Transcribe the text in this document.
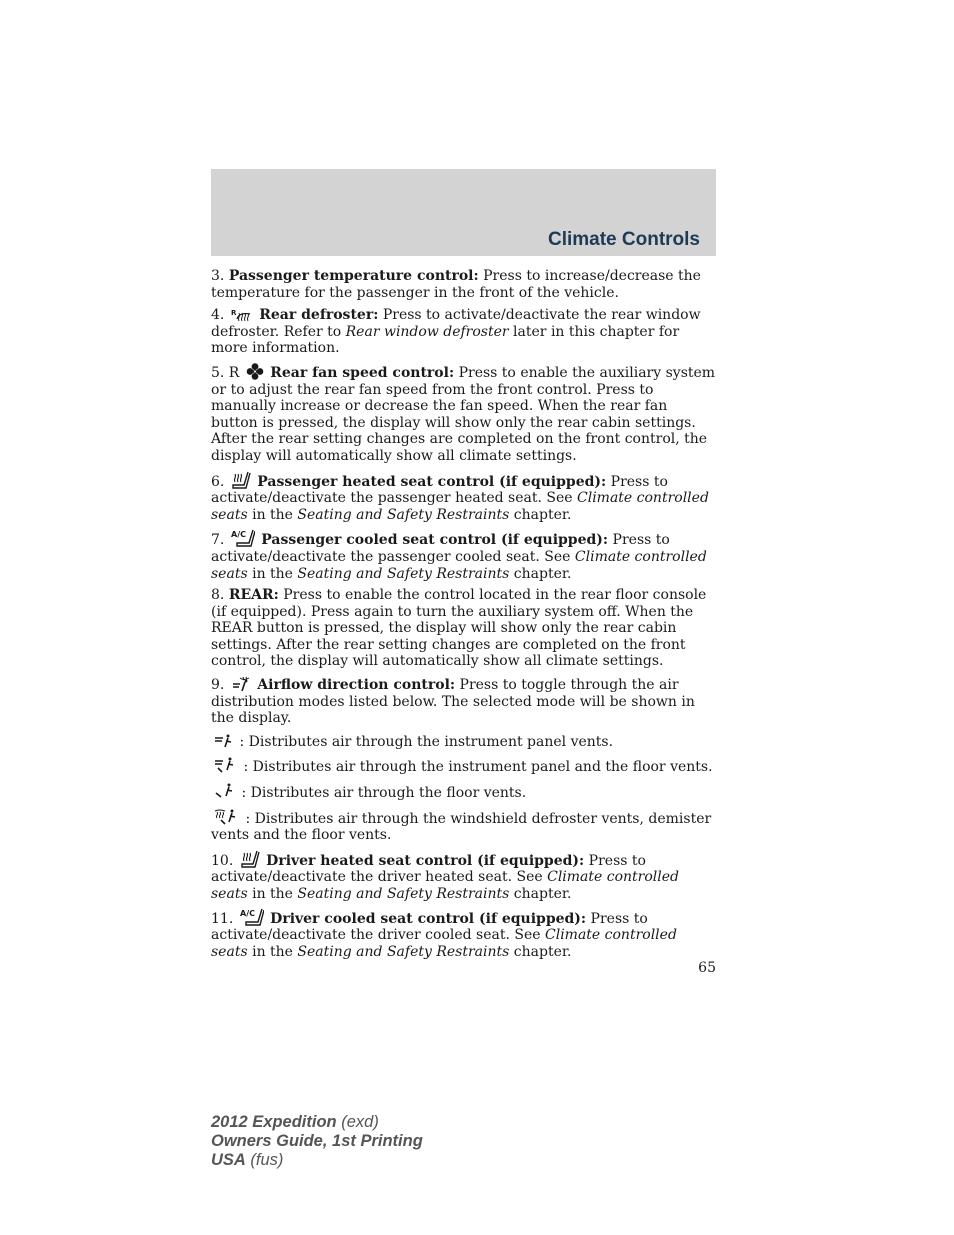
Climate Controls

3. Passenger temperature control: Press to increase/decrease the temperature for the passenger in the front of the vehicle.

4. R Rear defroster: Press to activate/deactivate the rear window defroster. Refer to Rear window defroster later in this chapter for more information.

5. R Rear fan speed control: Press to enable the auxiliary system or to adjust the rear fan speed from the front control. Press to manually increase or decrease the fan speed. When the rear fan button is pressed, the display will show only the rear cabin settings. After the rear setting changes are completed on the front control, the display will automatically show all climate settings.

6. Passenger heated seat control (if equipped): Press to activate/deactivate the passenger heated seat. See Climate controlled seats in the Seating and Safety Restraints chapter.

7. A/C Passenger cooled seat control (if equipped): Press to activate/deactivate the passenger cooled seat. See Climate controlled seats in the Seating and Safety Restraints chapter.

8. REAR: Press to enable the control located in the rear floor console (if equipped). Press again to turn the auxiliary system off. When the REAR button is pressed, the display will show only the rear cabin settings. After the rear setting changes are completed on the front control, the display will automatically show all climate settings.

9. Airflow direction control: Press to toggle through the air distribution modes listed below. The selected mode will be shown in the display.

: Distributes air through the instrument panel vents.

: Distributes air through the instrument panel and the floor vents.

: Distributes air through the floor vents.

: Distributes air through the windshield defroster vents, demister vents and the floor vents.

10. Driver heated seat control (if equipped): Press to activate/deactivate the driver heated seat. See Climate controlled seats in the Seating and Safety Restraints chapter.

11. A/C Driver cooled seat control (if equipped): Press to activate/deactivate the driver cooled seat. See Climate controlled seats in the Seating and Safety Restraints chapter.

65
2012 Expedition (exd)
Owners Guide, 1st Printing
USA (fus)
